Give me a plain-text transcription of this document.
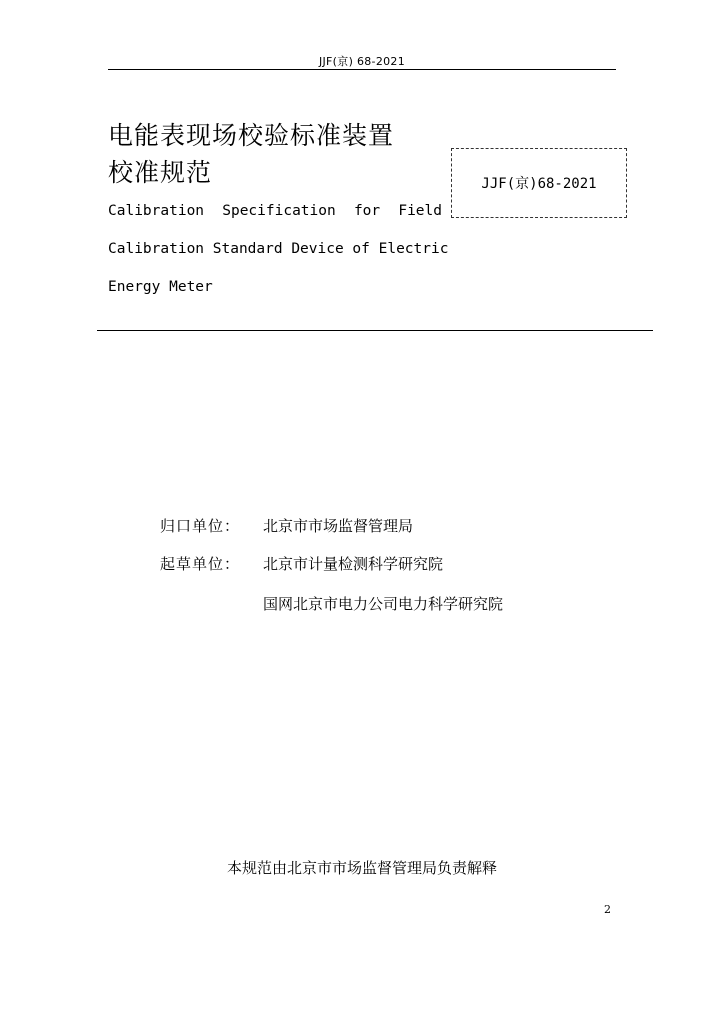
JJF(京) 68-2021
电能表现场校验标准装置
校准规范	JJF(京)68-2021
Calibration Specification for Field
Calibration Standard Device of Electric
Energy Meter
归口单位： 北京市市场监督管理局
起草单位： 北京市计量检测科学研究院
国网北京市电力公司电力科学研究院
本规范由北京市市场监督管理局负责解释
2
